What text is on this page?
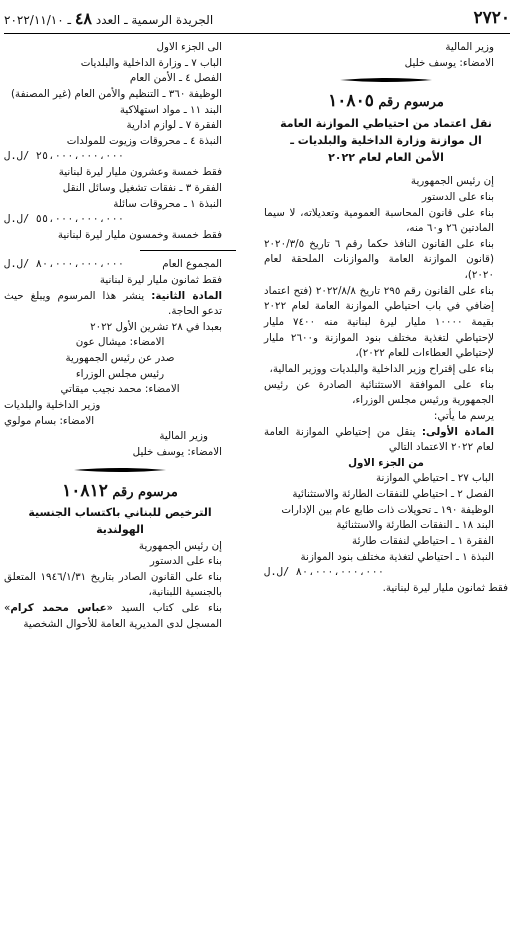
٢٧٢٠
الجريدة الرسمية ـ العدد ٤٨ ـ ٢٠٢٢/١١/١٠

وزير المالية

الامضاء: يوسف خليل

مرسوم رقم ١٠٨٠٥

نقل اعتماد من احتياطي الموازنة العامة

ال موازنة وزارة الداخلية والبلديات ـ

الأمن العام لعام ٢٠٢٢

إن رئيس الجمهورية

بناء على الدستور

بناء على قانون المحاسبة العمومية وتعديلاته، لا سيما المادتين ٢٦ و٦٠ منه،

بناء على القانون النافذ حكما رقم ٦ تاريخ ٢٠٢٠/٣/٥ (قانون الموازنة العامة والموازنات الملحقة لعام ٢٠٢٠)،

بناء على القانون رقم ٢٩٥ تاريخ ٢٠٢٢/٨/٨ (فتح اعتماد إضافي في باب احتياطي الموازنة العامة لعام ٢٠٢٢ بقيمة ١٠٠٠٠ مليار ليرة لبنانية منه ٧٤٠٠ مليار لإحتياطي لتغذية مختلف بنود الموازنة و٢٦٠٠ مليار لإحتياطي العطاءات للعام ٢٠٢٢)،

بناء على إقتراح وزير الداخلية والبلديات ووزير المالية،

بناء على الموافقة الاستثنائية الصادرة عن رئيس الجمهورية ورئيس مجلس الوزراء،

يرسم ما يأتي:

المادة الأولى: ينقل من إحتياطي الموازنة العامة لعام ٢٠٢٢ الاعتماد التالي

من الجزء الاول

الباب ٢٧ ـ احتياطي الموازنة

الفصل ٢ ـ احتياطي للنفقات الطارئة والاستثنائية

الوظيفة ١٩٠ ـ تحويلات ذات طابع عام بين الإدارات

البند ١٨ ـ النفقات الطارئة والاستثنائية

الفقرة ١ ـ احتياطي لنفقات طارئة

النبذة ١ ـ احتياطي لتغذية مختلف بنود الموازنة

٨٠،٠٠٠،٠٠٠،٠٠٠ /ل.ل

فقط ثمانون مليار ليرة لبنانية.

الى الجزء الاول

الباب ٧ ـ وزارة الداخلية والبلديات

الفصل ٤ ـ الأمن العام

الوظيفة ٣٦٠ ـ التنظيم والأمن العام (غير المصنفة)

البند ١١ ـ مواد استهلاكية

الفقرة ٧ ـ لوازم ادارية

النبذة ٤ ـ محروقات وزيوت للمولدات

٢٥،٠٠٠،٠٠٠،٠٠٠ /ل.ل

فقط خمسة وعشرون مليار ليرة لبنانية

الفقرة ٣ ـ نفقات تشغيل وسائل النقل

النبذة ١ ـ محروقات سائلة

٥٥،٠٠٠،٠٠٠،٠٠٠ /ل.ل

فقط خمسة وخمسون مليار ليرة لبنانية

المجموع العام
٨٠،٠٠٠،٠٠٠،٠٠٠ /ل.ل

فقط ثمانون مليار ليرة لبنانية

المادة الثانية: ينشر هذا المرسوم ويبلغ حيث تدعو الحاجة.

بعبدا في ٢٨ تشرين الأول ٢٠٢٢

الامضاء: ميشال عون

صدر عن رئيس الجمهورية

رئيس مجلس الوزراء

الامضاء: محمد نجيب ميقاتي

وزير الداخلية والبلديات

الامضاء: بسام مولوي

وزير المالية

الامضاء: يوسف خليل

مرسوم رقم ١٠٨١٢

الترخيص للبناني باكتساب الجنسية الهولندية

إن رئيس الجمهورية

بناء على الدستور

بناء على القانون الصادر بتاريخ ١٩٤٦/١/٣١ المتعلق بالجنسية اللبنانية،

بناء على كتاب السيد «عباس محمد كرام» المسجل لدى المديرية العامة للأحوال الشخصية
